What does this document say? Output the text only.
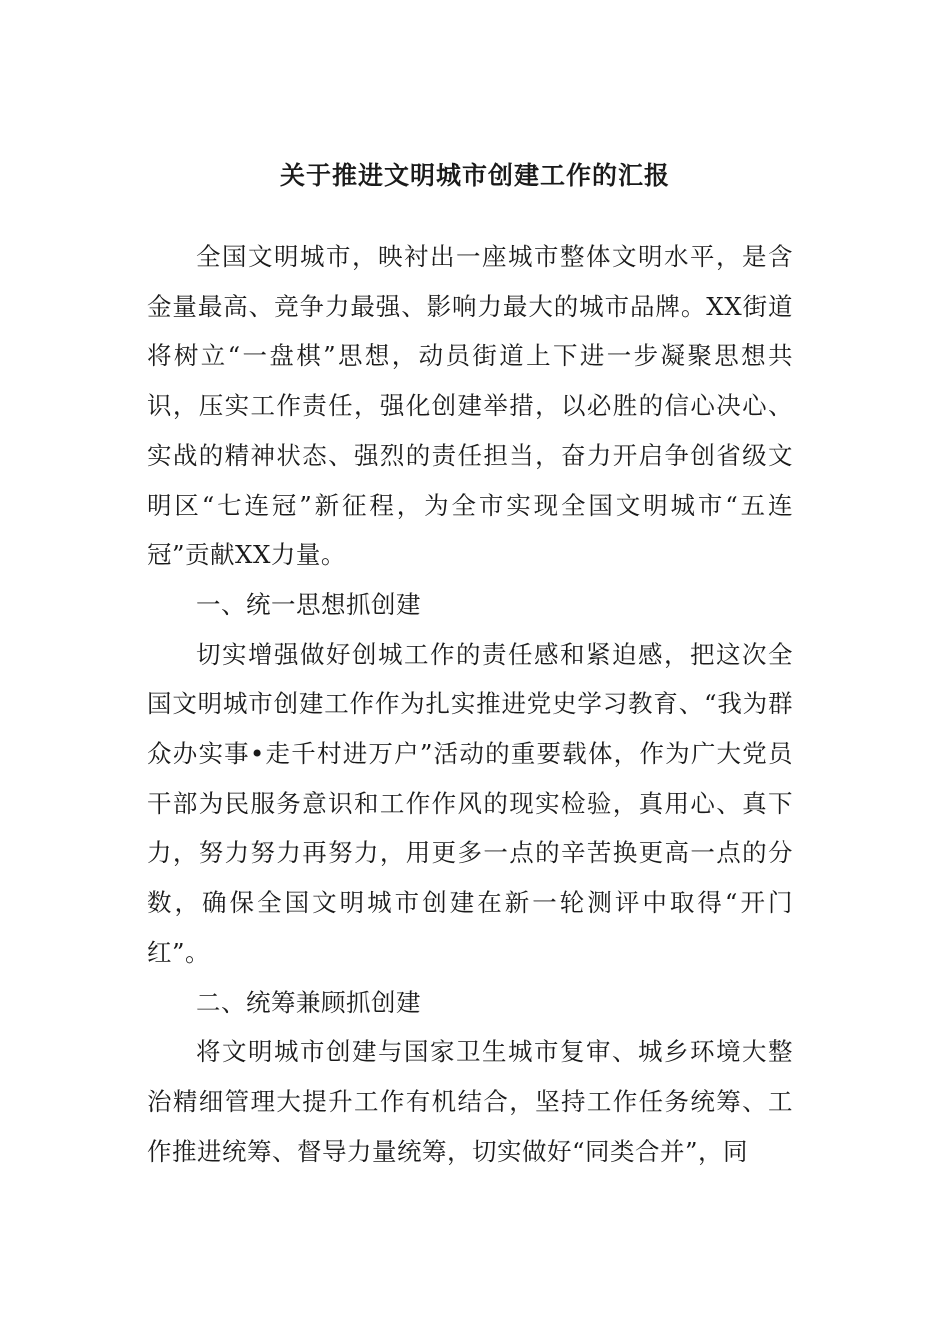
关于推进文明城市创建工作的汇报

全国文明城市，映衬出一座城市整体文明水平，是含金量最高、竞争力最强、影响力最大的城市品牌。XX街道将树立“一盘棋”思想，动员街道上下进一步凝聚思想共识，压实工作责任，强化创建举措，以必胜的信心决心、实战的精神状态、强烈的责任担当，奋力开启争创省级文明区“七连冠”新征程，为全市实现全国文明城市“五连冠”贡献XX力量。

一、统一思想抓创建

切实增强做好创城工作的责任感和紧迫感，把这次全国文明城市创建工作作为扎实推进党史学习教育、“我为群众办实事•走千村进万户”活动的重要载体，作为广大党员干部为民服务意识和工作作风的现实检验，真用心、真下力，努力努力再努力，用更多一点的辛苦换更高一点的分数，确保全国文明城市创建在新一轮测评中取得“开门红”。

二、统筹兼顾抓创建

将文明城市创建与国家卫生城市复审、城乡环境大整治精细管理大提升工作有机结合，坚持工作任务统筹、工作推进统筹、督导力量统筹，切实做好“同类合并”，同
